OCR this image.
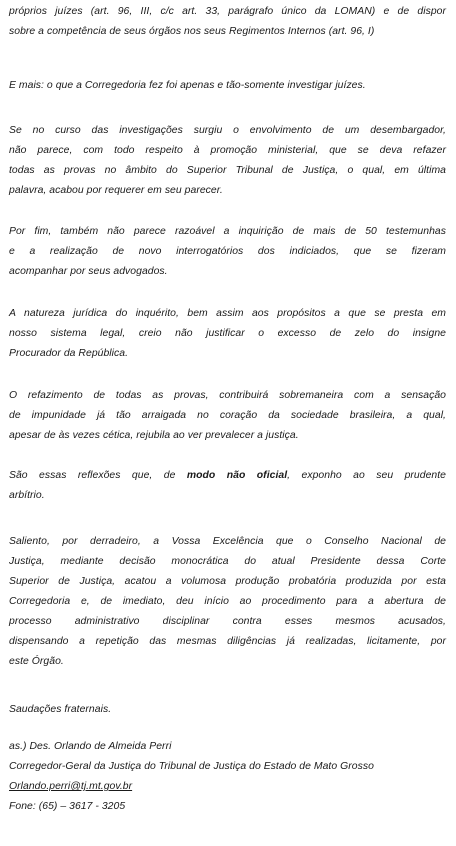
próprios juízes (art. 96, III, c/c art. 33, parágrafo único da LOMAN) e de dispor
sobre a competência de seus órgãos nos seus Regimentos Internos (art. 96, I)
E mais: o que a Corregedoria fez foi apenas e tão-somente investigar juízes.
Se no curso das investigações surgiu o envolvimento de um desembargador,
não parece, com todo respeito à promoção ministerial, que se deva refazer
todas as provas no âmbito do Superior Tribunal de Justiça, o qual, em última
palavra, acabou por requerer em seu parecer.
Por fim, também não parece razoável a inquirição de mais de 50 testemunhas
e a realização de novo interrogatórios dos indiciados, que se fizeram
acompanhar por seus advogados.
A natureza jurídica do inquérito, bem assim aos propósitos a que se presta em
nosso sistema legal, creio não justificar o excesso de zelo do insigne
Procurador da República.
O refazimento de todas as provas, contribuirá sobremaneira com a sensação
de impunidade já tão arraigada no coração da sociedade brasileira, a qual,
apesar de às vezes cética, rejubila ao ver prevalecer a justiça.
São essas reflexões que, de modo não oficial, exponho ao seu prudente
arbítrio.
Saliento, por derradeiro, a Vossa Excelência que o Conselho Nacional de
Justiça, mediante decisão monocrática do atual Presidente dessa Corte
Superior de Justiça, acatou a volumosa produção probatória produzida por esta
Corregedoria e, de imediato, deu início ao procedimento para a abertura de
processo administrativo disciplinar contra esses mesmos acusados,
dispensando a repetição das mesmas diligências já realizadas, licitamente, por
este Órgão.
Saudações fraternais.
as.) Des. Orlando de Almeida Perri
Corregedor-Geral da Justiça do Tribunal de Justiça do Estado de Mato Grosso
Orlando.perri@tj.mt.gov.br
Fone: (65) – 3617 - 3205
